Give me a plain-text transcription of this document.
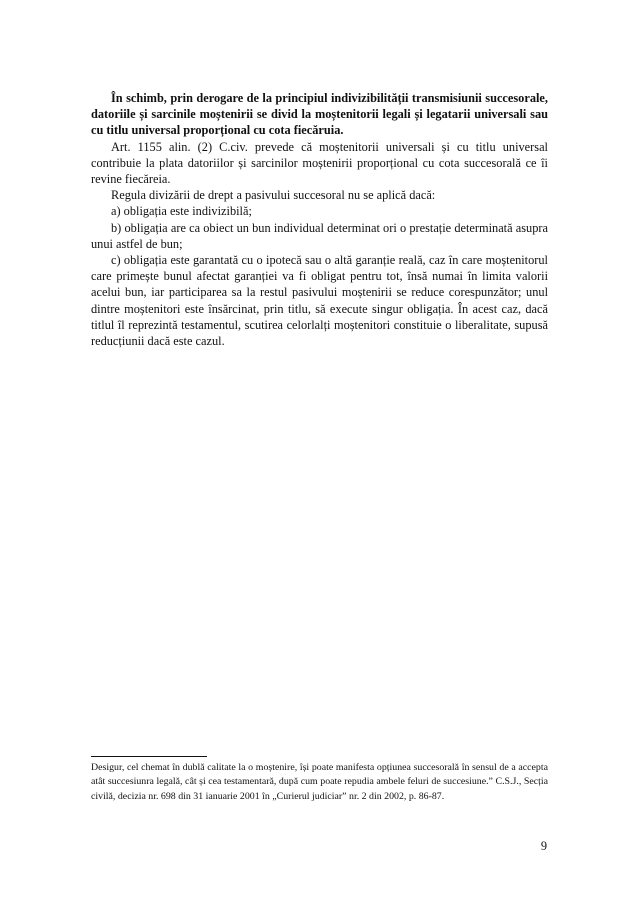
În schimb, prin derogare de la principiul indivizibilității transmisiunii succesorale, datoriile și sarcinile moștenirii se divid la moștenitorii legali și legatarii universali sau cu titlu universal proporțional cu cota fiecăruia.

Art. 1155 alin. (2) C.civ. prevede că moștenitorii universali și cu titlu universal contribuie la plata datoriilor și sarcinilor moștenirii proporțional cu cota succesorală ce îi revine fiecăreia.

Regula divizării de drept a pasivului succesoral nu se aplică dacă:

a) obligația este indivizibilă;

b) obligația are ca obiect un bun individual determinat ori o prestație determinată asupra unui astfel de bun;

c) obligația este garantată cu o ipotecă sau o altă garanție reală, caz în care moștenitorul care primește bunul afectat garanției va fi obligat pentru tot, însă numai în limita valorii acelui bun, iar participarea sa la restul pasivului moștenirii se reduce corespunzător; unul dintre moștenitori este însărcinat, prin titlu, să execute singur obligația. În acest caz, dacă titlul îl reprezintă testamentul, scutirea celorlalți moștenitori constituie o liberalitate, supusă reducțiunii dacă este cazul.

Desigur, cel chemat în dublă calitate la o moștenire, își poate manifesta opțiunea succesorală în sensul de a accepta atât succesiunra legală, cât și cea testamentară, după cum poate repudia ambele feluri de succesiune.” C.S.J., Secția civilă, decizia nr. 698 din 31 ianuarie 2001 în „Curierul judiciar” nr. 2 din 2002, p. 86-87.

9
